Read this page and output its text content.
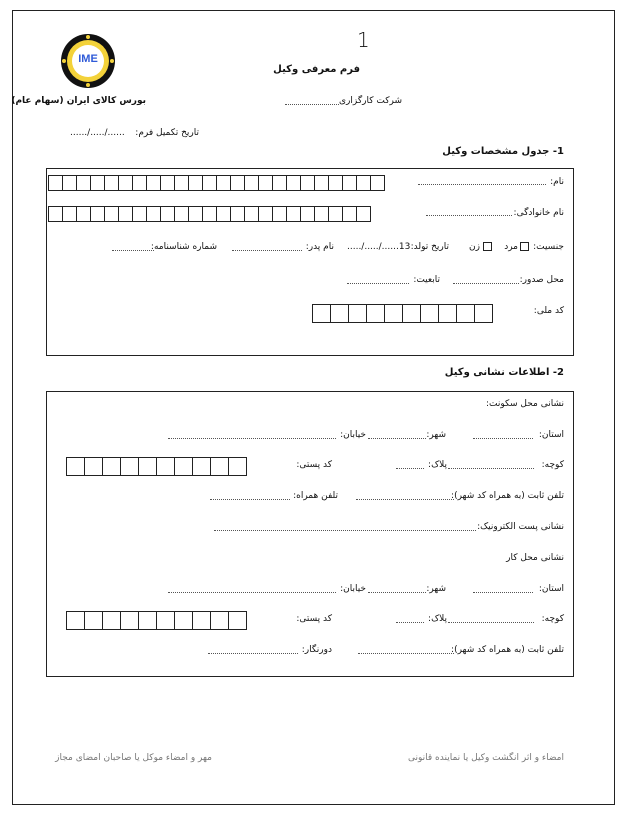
1
IME
بورس کالای ایران (سهام عام)
فرم معرفی وکیل
شرکت کارگزاری
تاریخ تکمیل فرم:
....../...../......
1- جدول مشخصات وکیل
نام:
نام خانوادگی:
جنسیت:
مرد
زن
تاریخ تولد:
...../...../......13
نام پدر:
شماره شناسنامه:
محل صدور:
تابعیت:
کد ملی:
2- اطلاعات نشانی وکیل
نشانی محل سکونت:
استان:
شهر:
خیابان:
کوچه:
پلاک:
کد پستی:
تلفن ثابت (به همراه کد شهر):
تلفن همراه:
نشانی پست الکترونیک:
نشانی محل کار
استان:
شهر:
خیابان:
کوچه:
پلاک:
کد پستی:
تلفن ثابت (به همراه کد شهر):
دورنگار:
امضاء و اثر انگشت وکیل یا نماینده قانونی
مهر و امضاء موکل یا صاحبان امضای مجاز
